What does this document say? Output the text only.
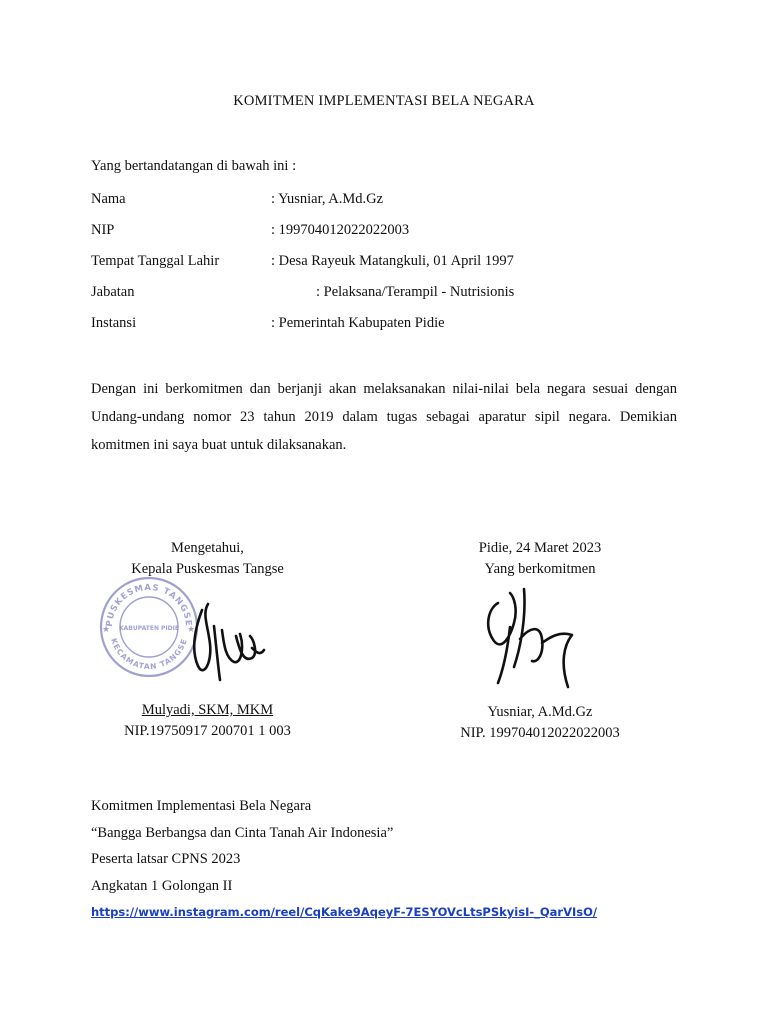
KOMITMEN IMPLEMENTASI BELA NEGARA
Yang bertandatangan di bawah ini :
Nama	: Yusniar, A.Md.Gz
NIP	: 199704012022022003
Tempat Tanggal Lahir	: Desa Rayeuk Matangkuli, 01 April 1997
Jabatan	: Pelaksana/Terampil - Nutrisionis
Instansi	: Pemerintah Kabupaten Pidie

Dengan ini berkomitmen dan berjanji akan melaksanakan nilai-nilai bela negara sesuai dengan Undang-undang nomor 23 tahun 2019 dalam tugas sebagai aparatur sipil negara. Demikian komitmen ini saya buat untuk dilaksanakan.

Mengetahui,
Kepala Puskesmas Tangse
Pidie, 24 Maret 2023
Yang berkomitmen
PUSKESMAS TANGSE
KECAMATAN TANGSE
KABUPATEN PIDIE
★	★
Mulyadi, SKM, MKM
NIP.19750917 200701 1 003
Yusniar, A.Md.Gz
NIP. 199704012022022003
Komitmen Implementasi Bela Negara
“Bangga Berbangsa dan Cinta Tanah Air Indonesia”
Peserta latsar CPNS 2023
Angkatan 1 Golongan II
https://www.instagram.com/reel/CqKake9AqeyF-7ESYOVcLtsPSkyisI-_QarVIsO/
